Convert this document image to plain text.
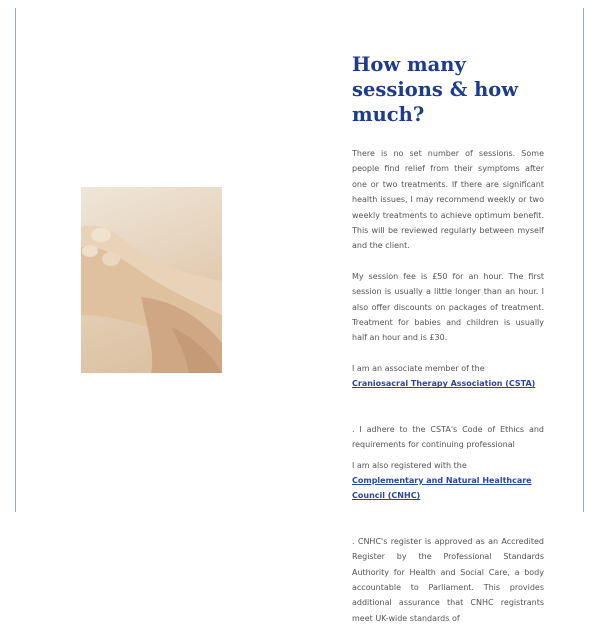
How many sessions & how much?

There is no set number of sessions. Some people find relief from their symptoms after one or two treatments. If there are significant health issues, I may recommend weekly or two weekly treatments to achieve optimum benefit. This will be reviewed regularly between myself and the client.

My session fee is £50 for an hour. The first session is usually a little longer than an hour. I also offer discounts on packages of treatment. Treatment for babies and children is usually half an hour and is £30.

I am an associate member of the

Craniosacral Therapy Association (CSTA)

. I adhere to the CSTA's Code of Ethics and requirements for continuing professional

I am also registered with the
Complementary and Natural Healthcare Council (CNHC)

. CNHC's register is approved as an Accredited Register by the Professional Standards Authority for Health and Social Care, a body accountable to Parliament. This provides additional assurance that CNHC registrants meet UK-wide standards of
